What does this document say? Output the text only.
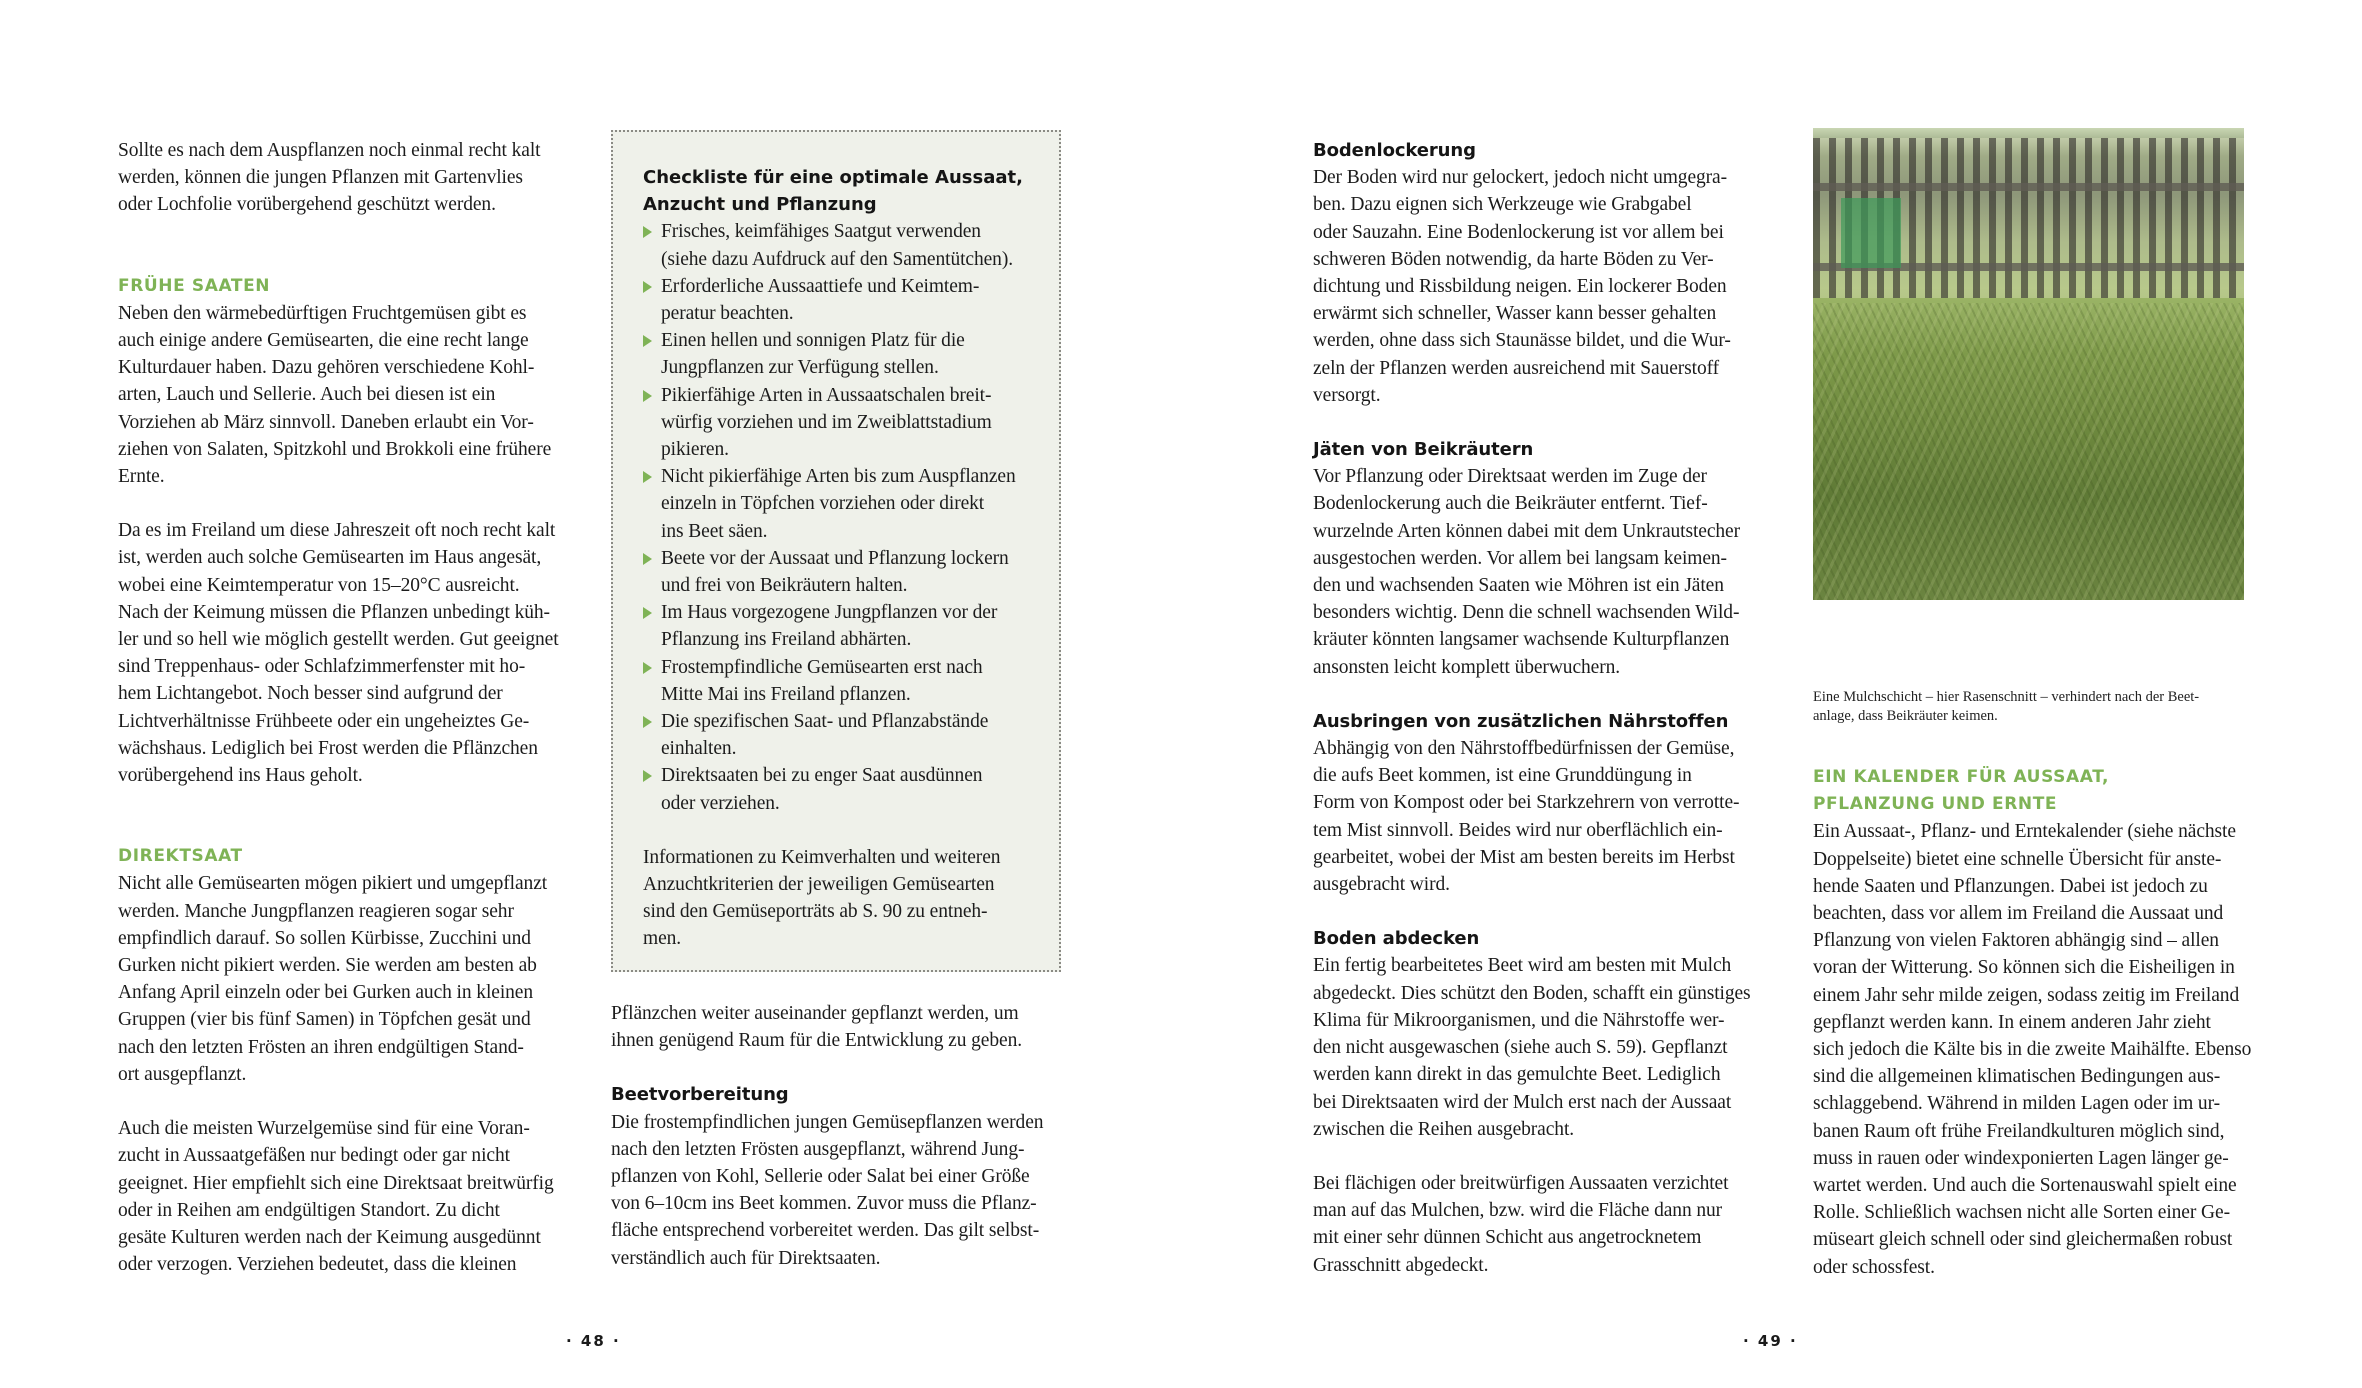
Sollte es nach dem Auspflanzen noch einmal recht kalt
werden, können die jungen Pflanzen mit Gartenvlies
oder Lochfolie vorübergehend geschützt werden.

FRÜHE SAATEN

Neben den wärmebedürftigen Fruchtgemüsen gibt es
auch einige andere Gemüsearten, die eine recht lange
Kulturdauer haben. Dazu gehören verschiedene Kohl-
arten, Lauch und Sellerie. Auch bei diesen ist ein
Vorziehen ab März sinnvoll. Daneben erlaubt ein Vor-
ziehen von Salaten, Spitzkohl und Brokkoli eine frühere
Ernte.

Da es im Freiland um diese Jahreszeit oft noch recht kalt
ist, werden auch solche Gemüsearten im Haus angesät,
wobei eine Keimtemperatur von 15–20°C ausreicht.
Nach der Keimung müssen die Pflanzen unbedingt küh-
ler und so hell wie möglich gestellt werden. Gut geeignet
sind Treppenhaus- oder Schlafzimmerfenster mit ho-
hem Lichtangebot. Noch besser sind aufgrund der
Lichtverhältnisse Frühbeete oder ein ungeheiztes Ge-
wächshaus. Lediglich bei Frost werden die Pflänzchen
vorübergehend ins Haus geholt.

DIREKTSAAT

Nicht alle Gemüsearten mögen pikiert und umgepflanzt
werden. Manche Jungpflanzen reagieren sogar sehr
empfindlich darauf. So sollen Kürbisse, Zucchini und
Gurken nicht pikiert werden. Sie werden am besten ab
Anfang April einzeln oder bei Gurken auch in kleinen
Gruppen (vier bis fünf Samen) in Töpfchen gesät und
nach den letzten Frösten an ihren endgültigen Stand-
ort ausgepflanzt.

Auch die meisten Wurzelgemüse sind für eine Voran-
zucht in Aussaatgefäßen nur bedingt oder gar nicht
geeignet. Hier empfiehlt sich eine Direktsaat breitwürfig
oder in Reihen am endgültigen Standort. Zu dicht
gesäte Kulturen werden nach der Keimung ausgedünnt
oder verzogen. Verziehen bedeutet, dass die kleinen

Checkliste für eine optimale Aussaat,
Anzucht und Pflanzung
Frisches, keimfähiges Saatgut verwenden
(siehe dazu Aufdruck auf den Samentütchen).
Erforderliche Aussaattiefe und Keimtem-
peratur beachten.
Einen hellen und sonnigen Platz für die
Jungpflanzen zur Verfügung stellen.
Pikierfähige Arten in Aussaatschalen breit-
würfig vorziehen und im Zweiblattstadium
pikieren.
Nicht pikierfähige Arten bis zum Auspflanzen
einzeln in Töpfchen vorziehen oder direkt
ins Beet säen.
Beete vor der Aussaat und Pflanzung lockern
und frei von Beikräutern halten.
Im Haus vorgezogene Jungpflanzen vor der
Pflanzung ins Freiland abhärten.
Frostempfindliche Gemüsearten erst nach
Mitte Mai ins Freiland pflanzen.
Die spezifischen Saat- und Pflanzabstände
einhalten.
Direktsaaten bei zu enger Saat ausdünnen
oder verziehen.

Informationen zu Keimverhalten und weiteren
Anzuchtkriterien der jeweiligen Gemüsearten
sind den Gemüseporträts ab S. 90 zu entneh-
men.

Pflänzchen weiter auseinander gepflanzt werden, um
ihnen genügend Raum für die Entwicklung zu geben.

Beetvorbereitung

Die frostempfindlichen jungen Gemüsepflanzen werden
nach den letzten Frösten ausgepflanzt, während Jung-
pflanzen von Kohl, Sellerie oder Salat bei einer Größe
von 6–10cm ins Beet kommen. Zuvor muss die Pflanz-
fläche entsprechend vorbereitet werden. Das gilt selbst-
verständlich auch für Direktsaaten.

· 48 ·
Bodenlockerung

Der Boden wird nur gelockert, jedoch nicht umgegra-
ben. Dazu eignen sich Werkzeuge wie Grabgabel
oder Sauzahn. Eine Bodenlockerung ist vor allem bei
schweren Böden notwendig, da harte Böden zu Ver-
dichtung und Rissbildung neigen. Ein lockerer Boden
erwärmt sich schneller, Wasser kann besser gehalten
werden, ohne dass sich Staunässe bildet, und die Wur-
zeln der Pflanzen werden ausreichend mit Sauerstoff
versorgt.

Jäten von Beikräutern

Vor Pflanzung oder Direktsaat werden im Zuge der
Bodenlockerung auch die Beikräuter entfernt. Tief-
wurzelnde Arten können dabei mit dem Unkrautstecher
ausgestochen werden. Vor allem bei langsam keimen-
den und wachsenden Saaten wie Möhren ist ein Jäten
besonders wichtig. Denn die schnell wachsenden Wild-
kräuter könnten langsamer wachsende Kulturpflanzen
ansonsten leicht komplett überwuchern.

Ausbringen von zusätzlichen Nährstoffen

Abhängig von den Nährstoffbedürfnissen der Gemüse,
die aufs Beet kommen, ist eine Grunddüngung in
Form von Kompost oder bei Starkzehrern von verrotte-
tem Mist sinnvoll. Beides wird nur oberflächlich ein-
gearbeitet, wobei der Mist am besten bereits im Herbst
ausgebracht wird.

Boden abdecken

Ein fertig bearbeitetes Beet wird am besten mit Mulch
abgedeckt. Dies schützt den Boden, schafft ein günstiges
Klima für Mikroorganismen, und die Nährstoffe wer-
den nicht ausgewaschen (siehe auch S. 59). Gepflanzt
werden kann direkt in das gemulchte Beet. Lediglich
bei Direktsaaten wird der Mulch erst nach der Aussaat
zwischen die Reihen ausgebracht.

Bei flächigen oder breitwürfigen Aussaaten verzichtet
man auf das Mulchen, bzw. wird die Fläche dann nur
mit einer sehr dünnen Schicht aus angetrocknetem
Grasschnitt abgedeckt.

Eine Mulchschicht – hier Rasenschnitt – verhindert nach der Beet-
anlage, dass Beikräuter keimen.
EIN KALENDER FÜR AUSSAAT,
PFLANZUNG UND ERNTE

Ein Aussaat-, Pflanz- und Erntekalender (siehe nächste
Doppelseite) bietet eine schnelle Übersicht für anste-
hende Saaten und Pflanzungen. Dabei ist jedoch zu
beachten, dass vor allem im Freiland die Aussaat und
Pflanzung von vielen Faktoren abhängig sind – allen
voran der Witterung. So können sich die Eisheiligen in
einem Jahr sehr milde zeigen, sodass zeitig im Freiland
gepflanzt werden kann. In einem anderen Jahr zieht
sich jedoch die Kälte bis in die zweite Maihälfte. Ebenso
sind die allgemeinen klimatischen Bedingungen aus-
schlaggebend. Während in milden Lagen oder im ur-
banen Raum oft frühe Freilandkulturen möglich sind,
muss in rauen oder windexponierten Lagen länger ge-
wartet werden. Und auch die Sortenauswahl spielt eine
Rolle. Schließlich wachsen nicht alle Sorten einer Ge-
müseart gleich schnell oder sind gleichermaßen robust
oder schossfest.

· 49 ·
